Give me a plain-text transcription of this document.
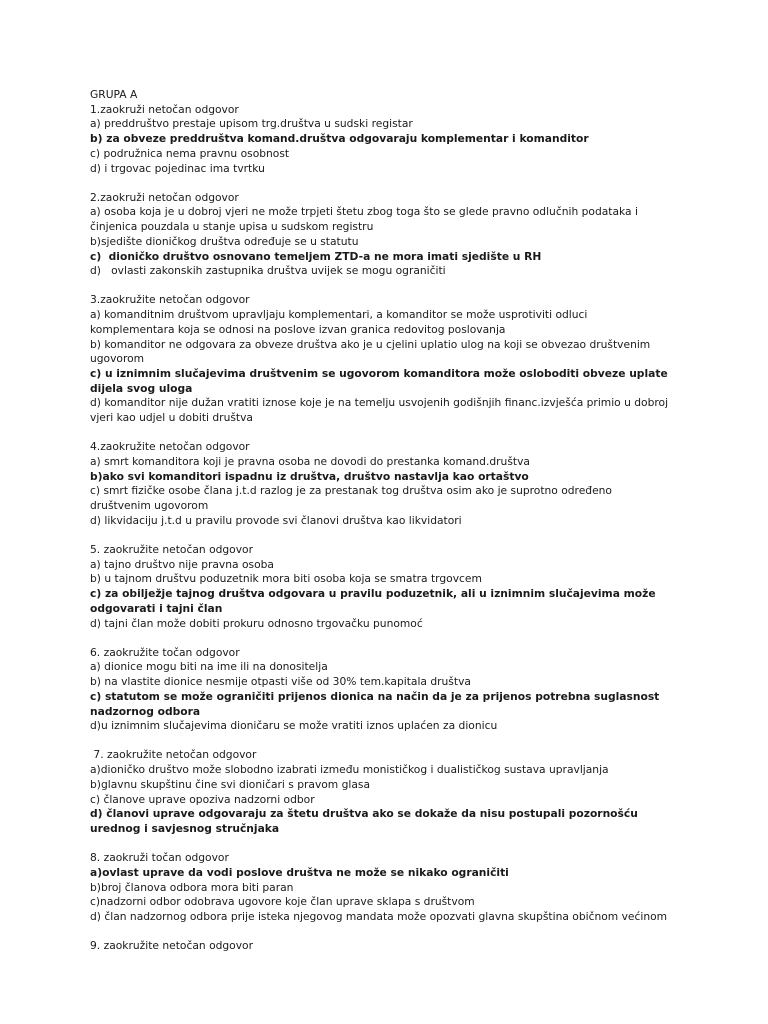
GRUPA A
1.zaokruži netočan odgovor
a) preddruštvo prestaje upisom trg.društva u sudski registar
b) za obveze preddruštva komand.društva odgovaraju komplementar i komanditor
c) podružnica nema pravnu osobnost
d) i trgovac pojedinac ima tvrtku
2.zaokruži netočan odgovor
a) osoba koja je u dobroj vjeri ne može trpjeti štetu zbog toga što se glede pravno odlučnih podataka i činjenica pouzdala u stanje upisa u sudskom registru
b)sjedište dioničkog društva određuje se u statutu
c)  dioničko društvo osnovano temeljem ZTD-a ne mora imati sjedište u RH
d)   ovlasti zakonskih zastupnika društva uvijek se mogu ograničiti
3.zaokružite netočan odgovor
a) komanditnim društvom upravljaju komplementari, a komanditor se može usprotiviti odluci komplementara koja se odnosi na poslove izvan granica redovitog poslovanja
b) komanditor ne odgovara za obveze društva ako je u cjelini uplatio ulog na koji se obvezao društvenim ugovorom
c) u iznimnim slučajevima društvenim se ugovorom komanditora može osloboditi obveze uplate dijela svog uloga
d) komanditor nije dužan vratiti iznose koje je na temelju usvojenih godišnjih financ.izvješća primio u dobroj vjeri kao udjel u dobiti društva
4.zaokružite netočan odgovor
a) smrt komanditora koji je pravna osoba ne dovodi do prestanka komand.društva
b)ako svi komanditori ispadnu iz društva, društvo nastavlja kao ortaštvo
c) smrt fizičke osobe člana j.t.d razlog je za prestanak tog društva osim ako je suprotno određeno društvenim ugovorom
d) likvidaciju j.t.d u pravilu provode svi članovi društva kao likvidatori
5. zaokružite netočan odgovor
a) tajno društvo nije pravna osoba
b) u tajnom društvu poduzetnik mora biti osoba koja se smatra trgovcem
c) za obilježje tajnog društva odgovara u pravilu poduzetnik, ali u iznimnim slučajevima može odgovarati i tajni član
d) tajni član može dobiti prokuru odnosno trgovačku punomoć
6. zaokružite točan odgovor
a) dionice mogu biti na ime ili na donositelja
b) na vlastite dionice nesmije otpasti više od 30% tem.kapitala društva
c) statutom se može ograničiti prijenos dionica na način da je za prijenos potrebna suglasnost nadzornog odbora
d)u iznimnim slučajevima dioničaru se može vratiti iznos uplaćen za dionicu
7. zaokružite netočan odgovor
a)dioničko društvo može slobodno izabrati između monističkog i dualističkog sustava upravljanja
b)glavnu skupštinu čine svi dioničari s pravom glasa
c) članove uprave opoziva nadzorni odbor
d) članovi uprave odgovaraju za štetu društva ako se dokaže da nisu postupali pozornošću urednog i savjesnog stručnjaka
8. zaokruži točan odgovor
a)ovlast uprave da vodi poslove društva ne može se nikako ograničiti
b)broj članova odbora mora biti paran
c)nadzorni odbor odobrava ugovore koje član uprave sklapa s društvom
d) član nadzornog odbora prije isteka njegovog mandata može opozvati glavna skupština običnom većinom
9. zaokružite netočan odgovor
